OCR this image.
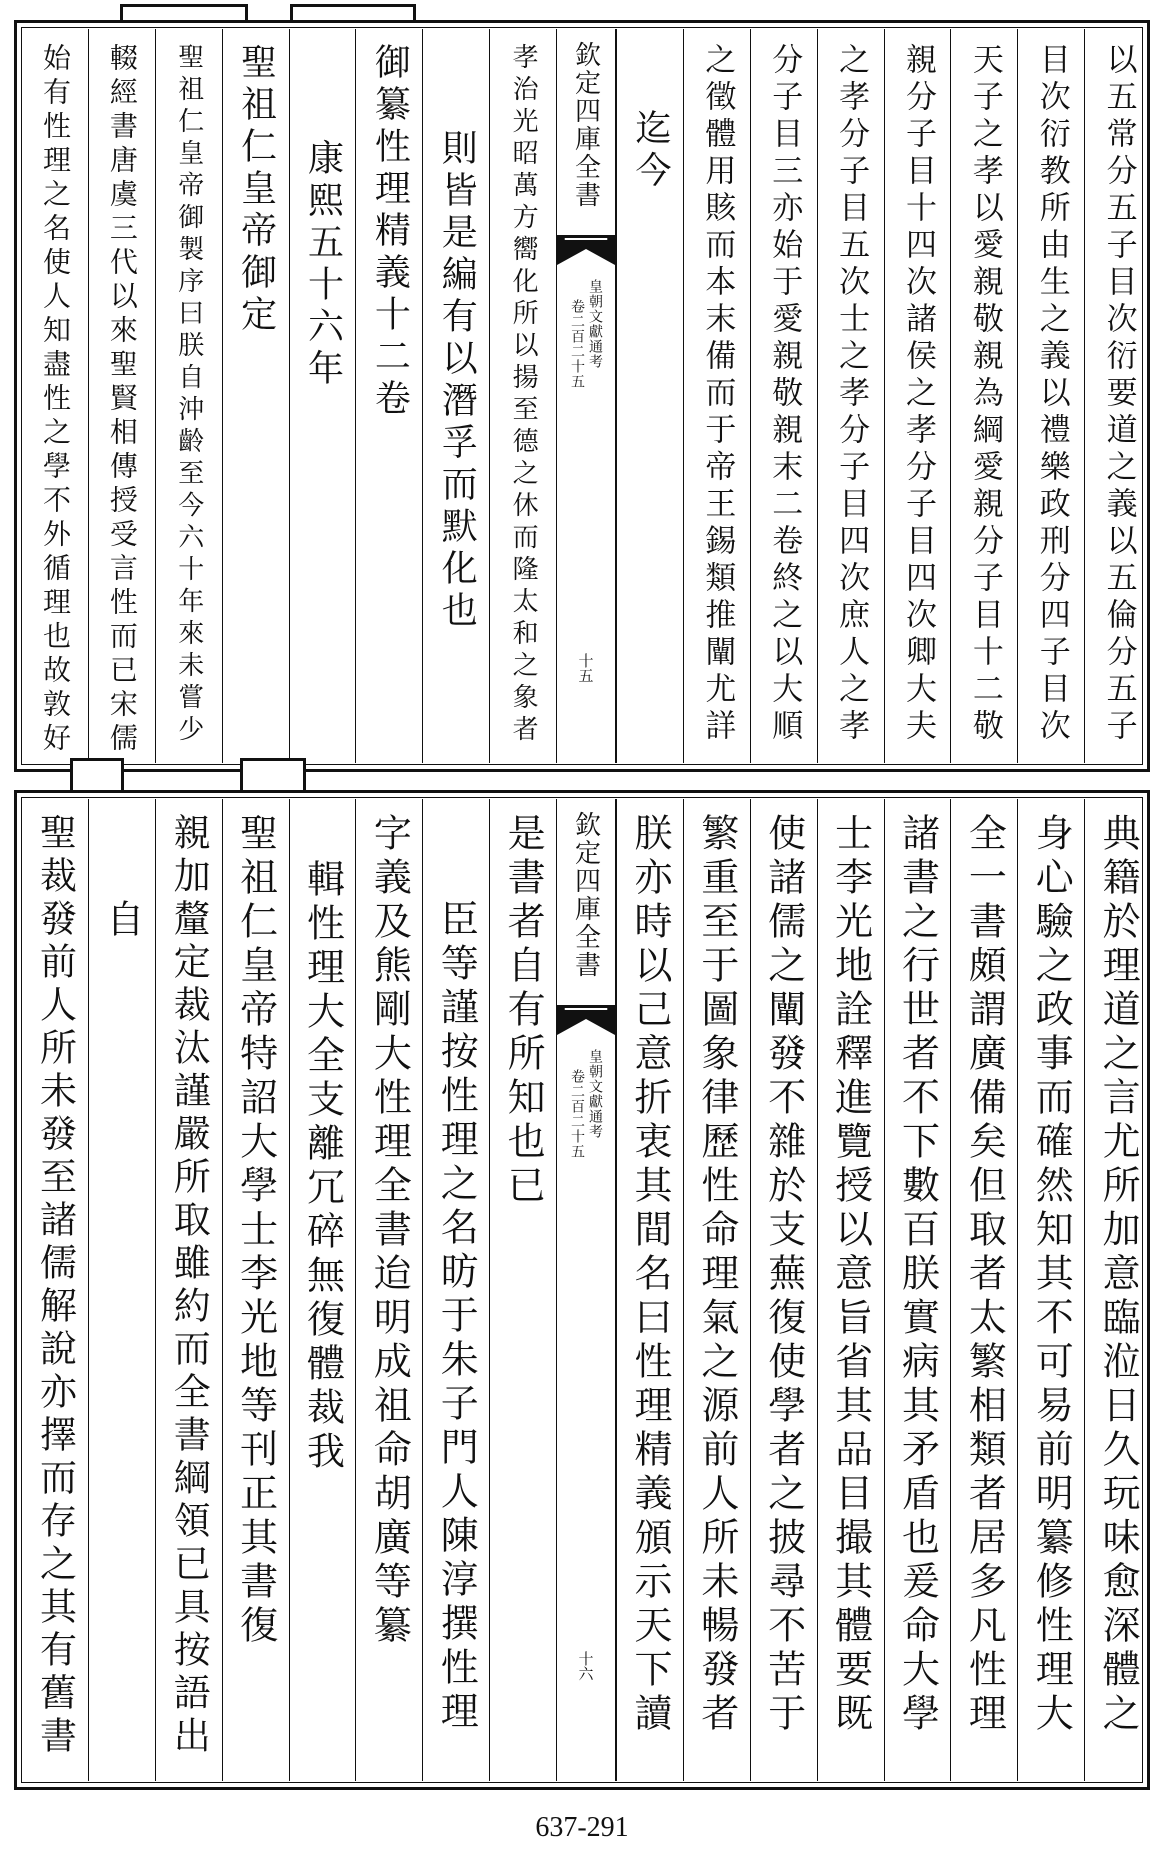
孝治光昭萬方嚮化所以揚至德之休而隆太和之象者
則皆是編有以潛孚而默化也
御纂性理精義十二卷
康熙五十六年
聖祖仁皇帝御定
聖祖仁皇帝御製序曰朕自沖齡至今六十年來未嘗少
輟經書唐虞三代以來聖賢相傳授受言性而已宋儒
始有性理之名使人知盡性之學不外循理也故敦好	欽定四庫全書
皇朝文獻通考
卷二百二十五
十五	以五常分五子目次衍要道之義以五倫分五子
目次衍教所由生之義以禮樂政刑分四子目次
天子之孝以愛親敬親為綱愛親分子目十二敬
親分子目十四次諸侯之孝分子目四次卿大夫
之孝分子目五次士之孝分子目四次庶人之孝
分子目三亦始于愛親敬親末二卷終之以大順
之徵體用賅而本末備而于帝王錫類推闡尤詳
迄今
是書者自有所知也已
臣等謹按性理之名昉于朱子門人陳淳撰性理
字義及熊剛大性理全書迨明成祖命胡廣等纂
輯性理大全支離冗碎無復體裁我
聖祖仁皇帝特詔大學士李光地等刊正其書復
親加釐定裁汰謹嚴所取雖約而全書綱領已具按語出
自
聖裁發前人所未發至諸儒解說亦擇而存之其有舊書	欽定四庫全書
皇朝文獻通考
卷二百二十五
十六	典籍於理道之言尤所加意臨涖日久玩味愈深體之
身心驗之政事而確然知其不可易前明纂修性理大
全一書頗謂廣備矣但取者太繁相類者居多凡性理
諸書之行世者不下數百朕實病其矛盾也爰命大學
士李光地詮釋進覽授以意旨省其品目撮其體要既
使諸儒之闡發不雜於支蕪復使學者之披尋不苦于
繁重至于圖象律歷性命理氣之源前人所未暢發者
朕亦時以己意折衷其間名曰性理精義頒示天下讀
637-291
